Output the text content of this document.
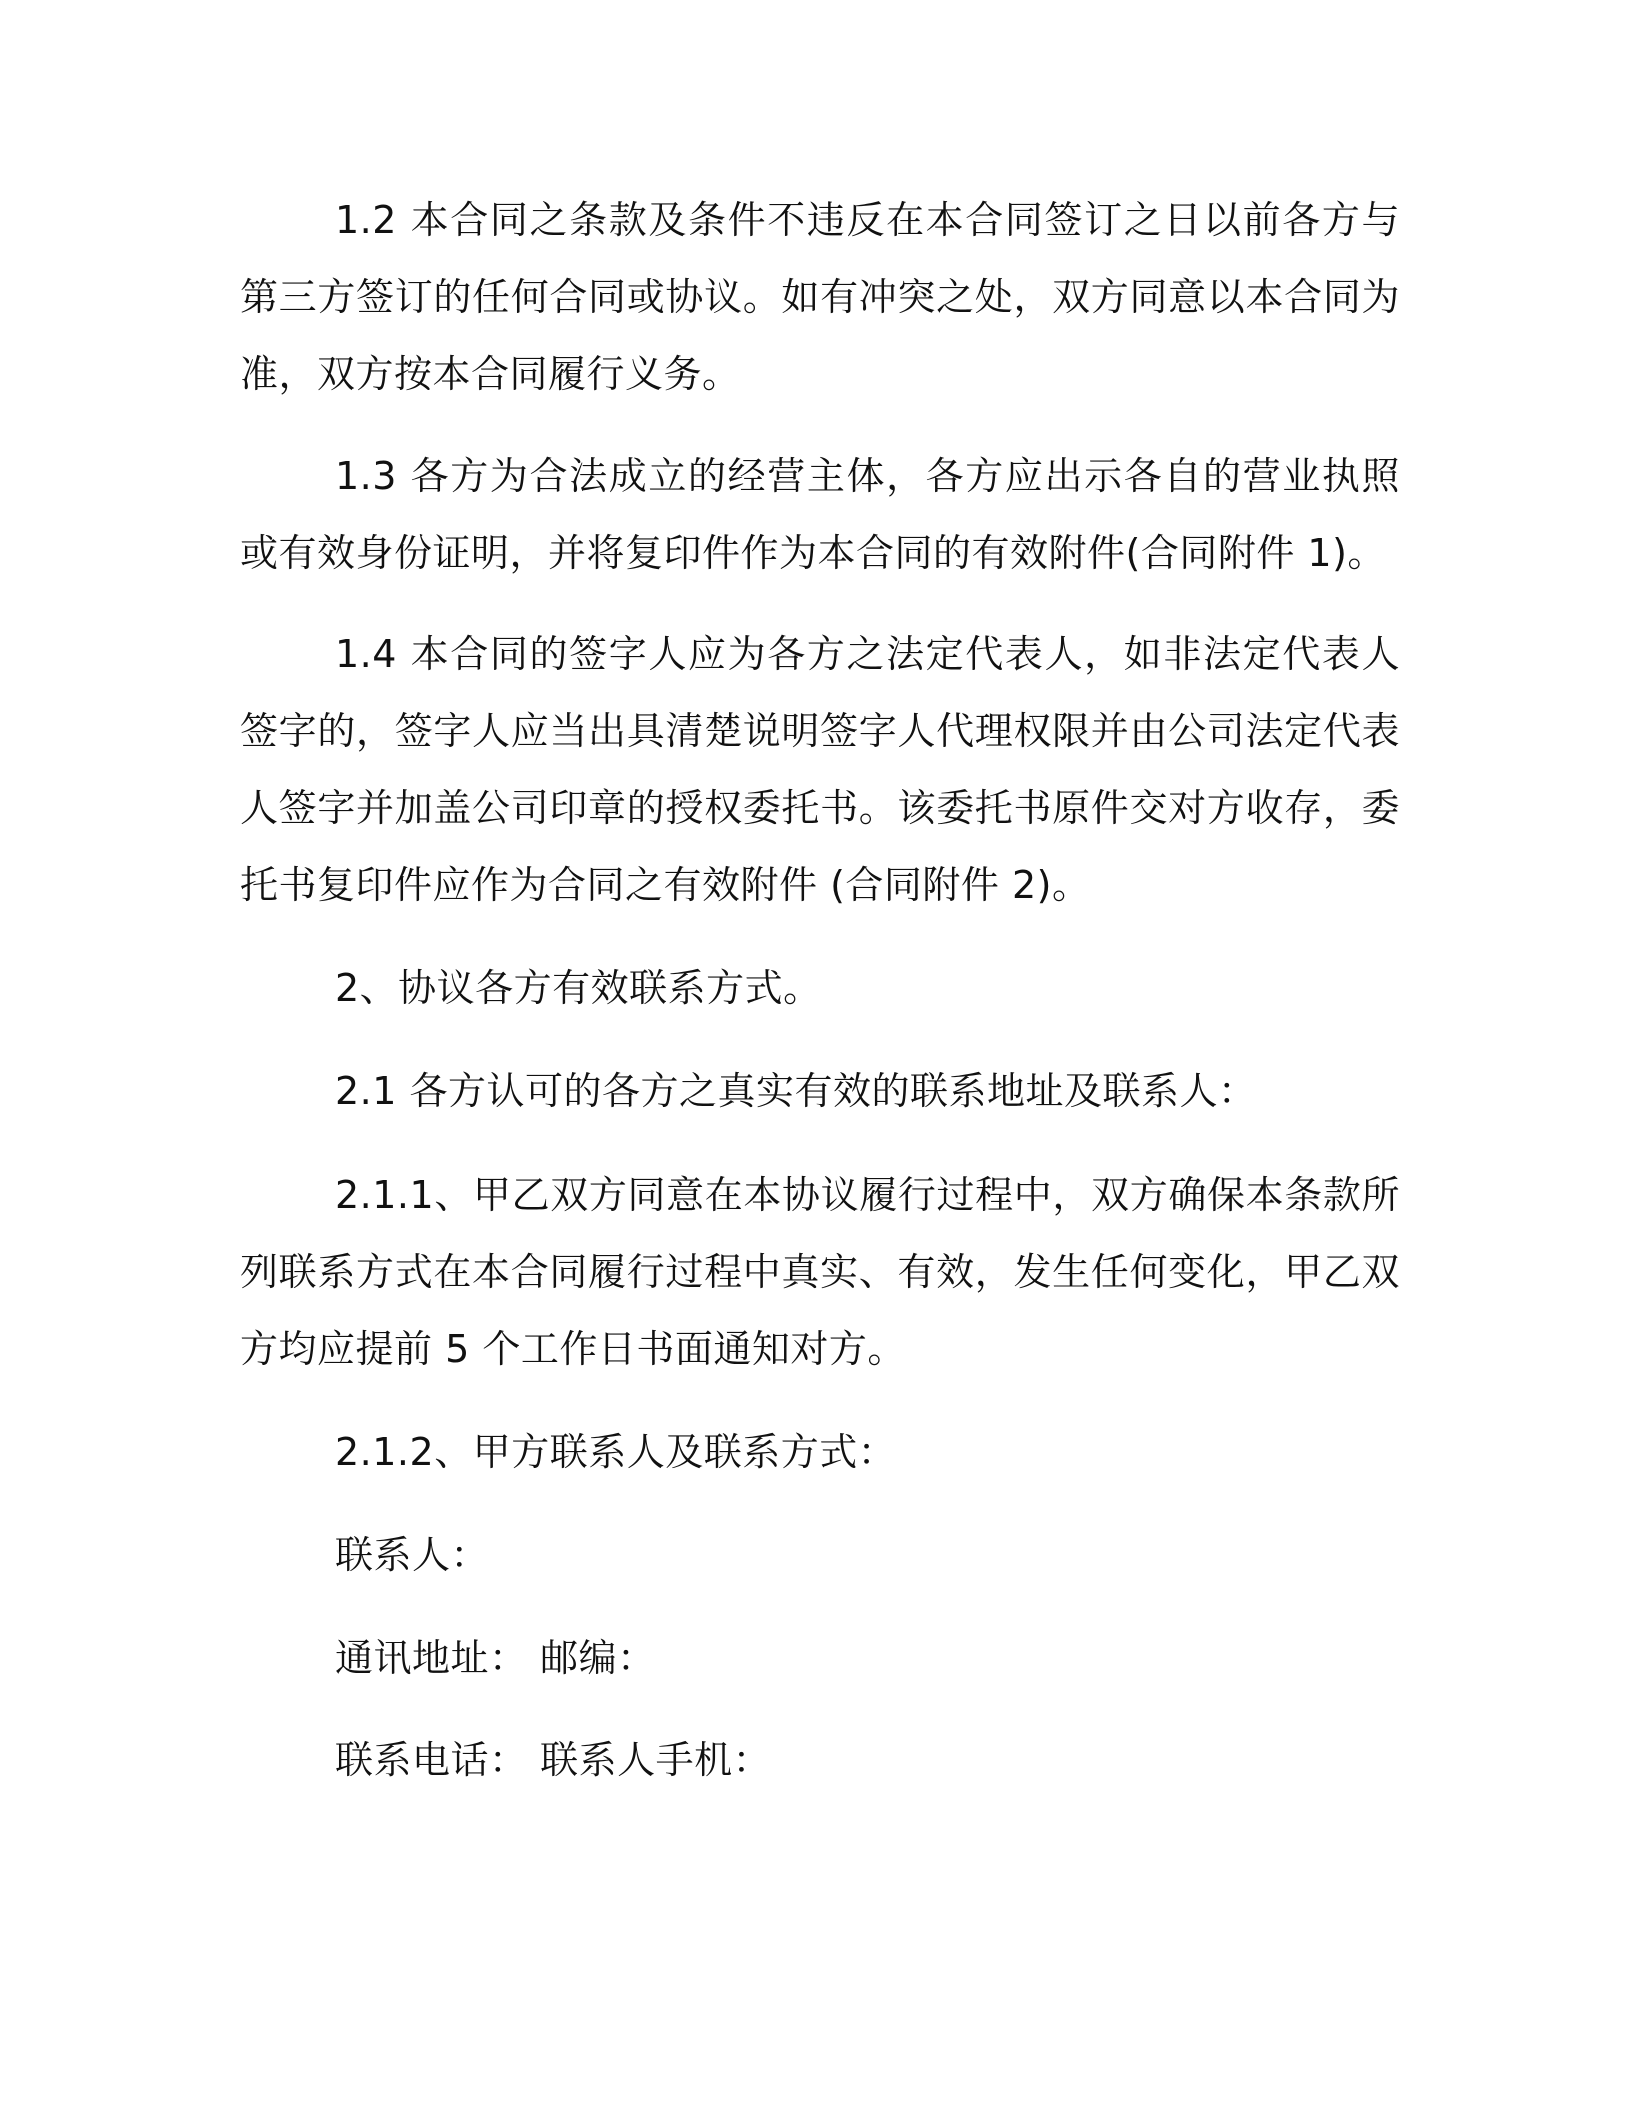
1.2 本合同之条款及条件不违反在本合同签订之日以前各方与第三方签订的任何合同或协议。如有冲突之处，双方同意以本合同为准，双方按本合同履行义务。

1.3 各方为合法成立的经营主体，各方应出示各自的营业执照或有效身份证明，并将复印件作为本合同的有效附件(合同附件 1)。

1.4 本合同的签字人应为各方之法定代表人，如非法定代表人签字的，签字人应当出具清楚说明签字人代理权限并由公司法定代表人签字并加盖公司印章的授权委托书。该委托书原件交对方收存，委托书复印件应作为合同之有效附件 (合同附件 2)。

2、协议各方有效联系方式。

2.1 各方认可的各方之真实有效的联系地址及联系人：

2.1.1、甲乙双方同意在本协议履行过程中，双方确保本条款所列联系方式在本合同履行过程中真实、有效，发生任何变化，甲乙双方均应提前 5 个工作日书面通知对方。

2.1.2、甲方联系人及联系方式：

联系人：

通讯地址： 邮编：

联系电话： 联系人手机：
